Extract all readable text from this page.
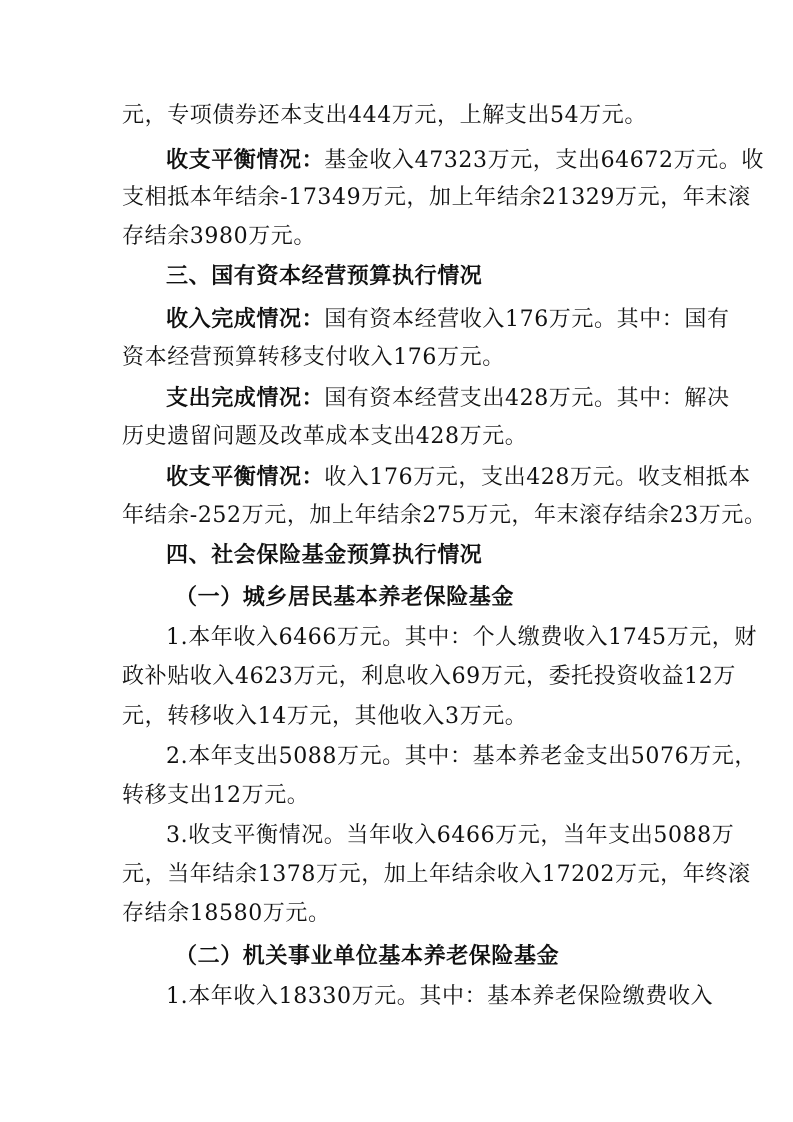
元，专项债券还本支出444万元，上解支出54万元。
收支平衡情况：基金收入47323万元，支出64672万元。收
支相抵本年结余-17349万元，加上年结余21329万元，年末滚
存结余3980万元。
三、国有资本经营预算执行情况
收入完成情况：国有资本经营收入176万元。其中：国有
资本经营预算转移支付收入176万元。
支出完成情况：国有资本经营支出428万元。其中：解决
历史遗留问题及改革成本支出428万元。
收支平衡情况：收入176万元，支出428万元。收支相抵本
年结余-252万元，加上年结余275万元，年末滚存结余23万元。
四、社会保险基金预算执行情况
（一）城乡居民基本养老保险基金
1.本年收入6466万元。其中：个人缴费收入1745万元，财
政补贴收入4623万元，利息收入69万元，委托投资收益12万
元，转移收入14万元，其他收入3万元。
2.本年支出5088万元。其中：基本养老金支出5076万元，
转移支出12万元。
3.收支平衡情况。当年收入6466万元，当年支出5088万
元，当年结余1378万元，加上年结余收入17202万元，年终滚
存结余18580万元。
（二）机关事业单位基本养老保险基金
1.本年收入18330万元。其中：基本养老保险缴费收入
